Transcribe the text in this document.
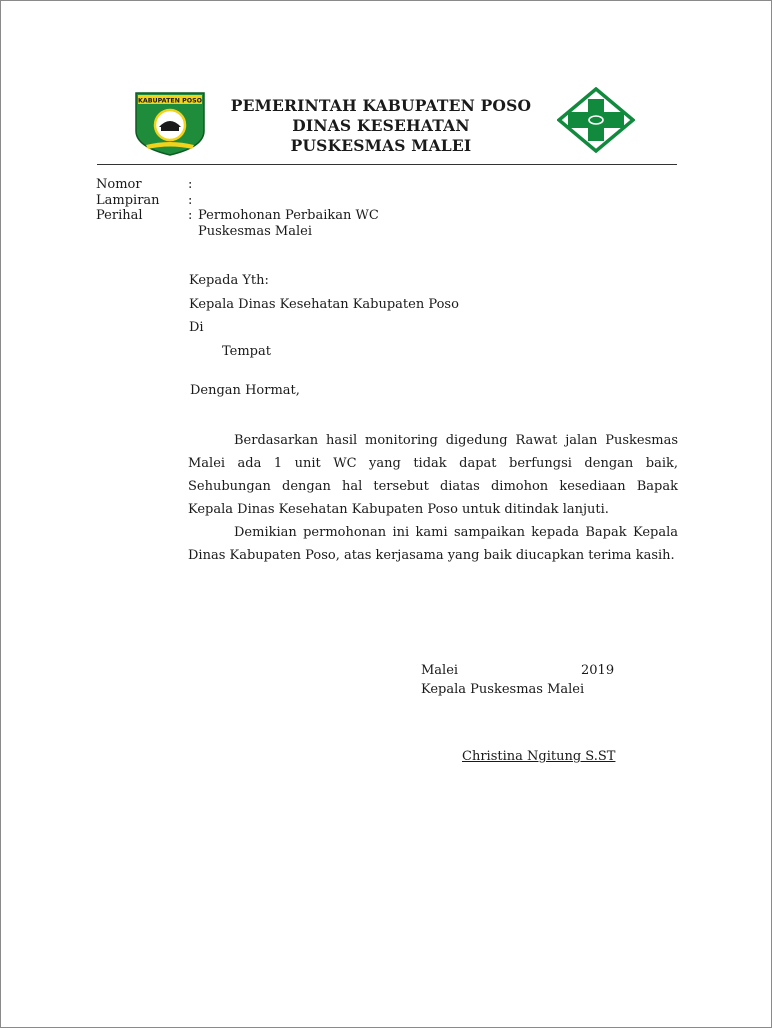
KABUPATEN POSO	PEMERINTAH KABUPATEN POSO
DINAS KESEHATAN
PUSKESMAS MALEI
Nomor	:
Lampiran	:
Perihal	: Permohonan Perbaikan WC
Puskesmas Malei
Kepada Yth:
Kepala Dinas Kesehatan Kabupaten Poso
Di
Tempat
Dengan Hormat,

Berdasarkan hasil monitoring digedung Rawat jalan Puskesmas Malei ada 1 unit WC yang tidak dapat berfungsi dengan baik, Sehubungan dengan hal tersebut diatas dimohon kesediaan Bapak Kepala Dinas Kesehatan Kabupaten Poso untuk ditindak lanjuti.

Demikian permohonan ini kami sampaikan kepada Bapak Kepala Dinas Kabupaten Poso, atas kerjasama yang baik diucapkan terima kasih.

Malei	2019
Kepala Puskesmas Malei
Christina Ngitung S.ST
